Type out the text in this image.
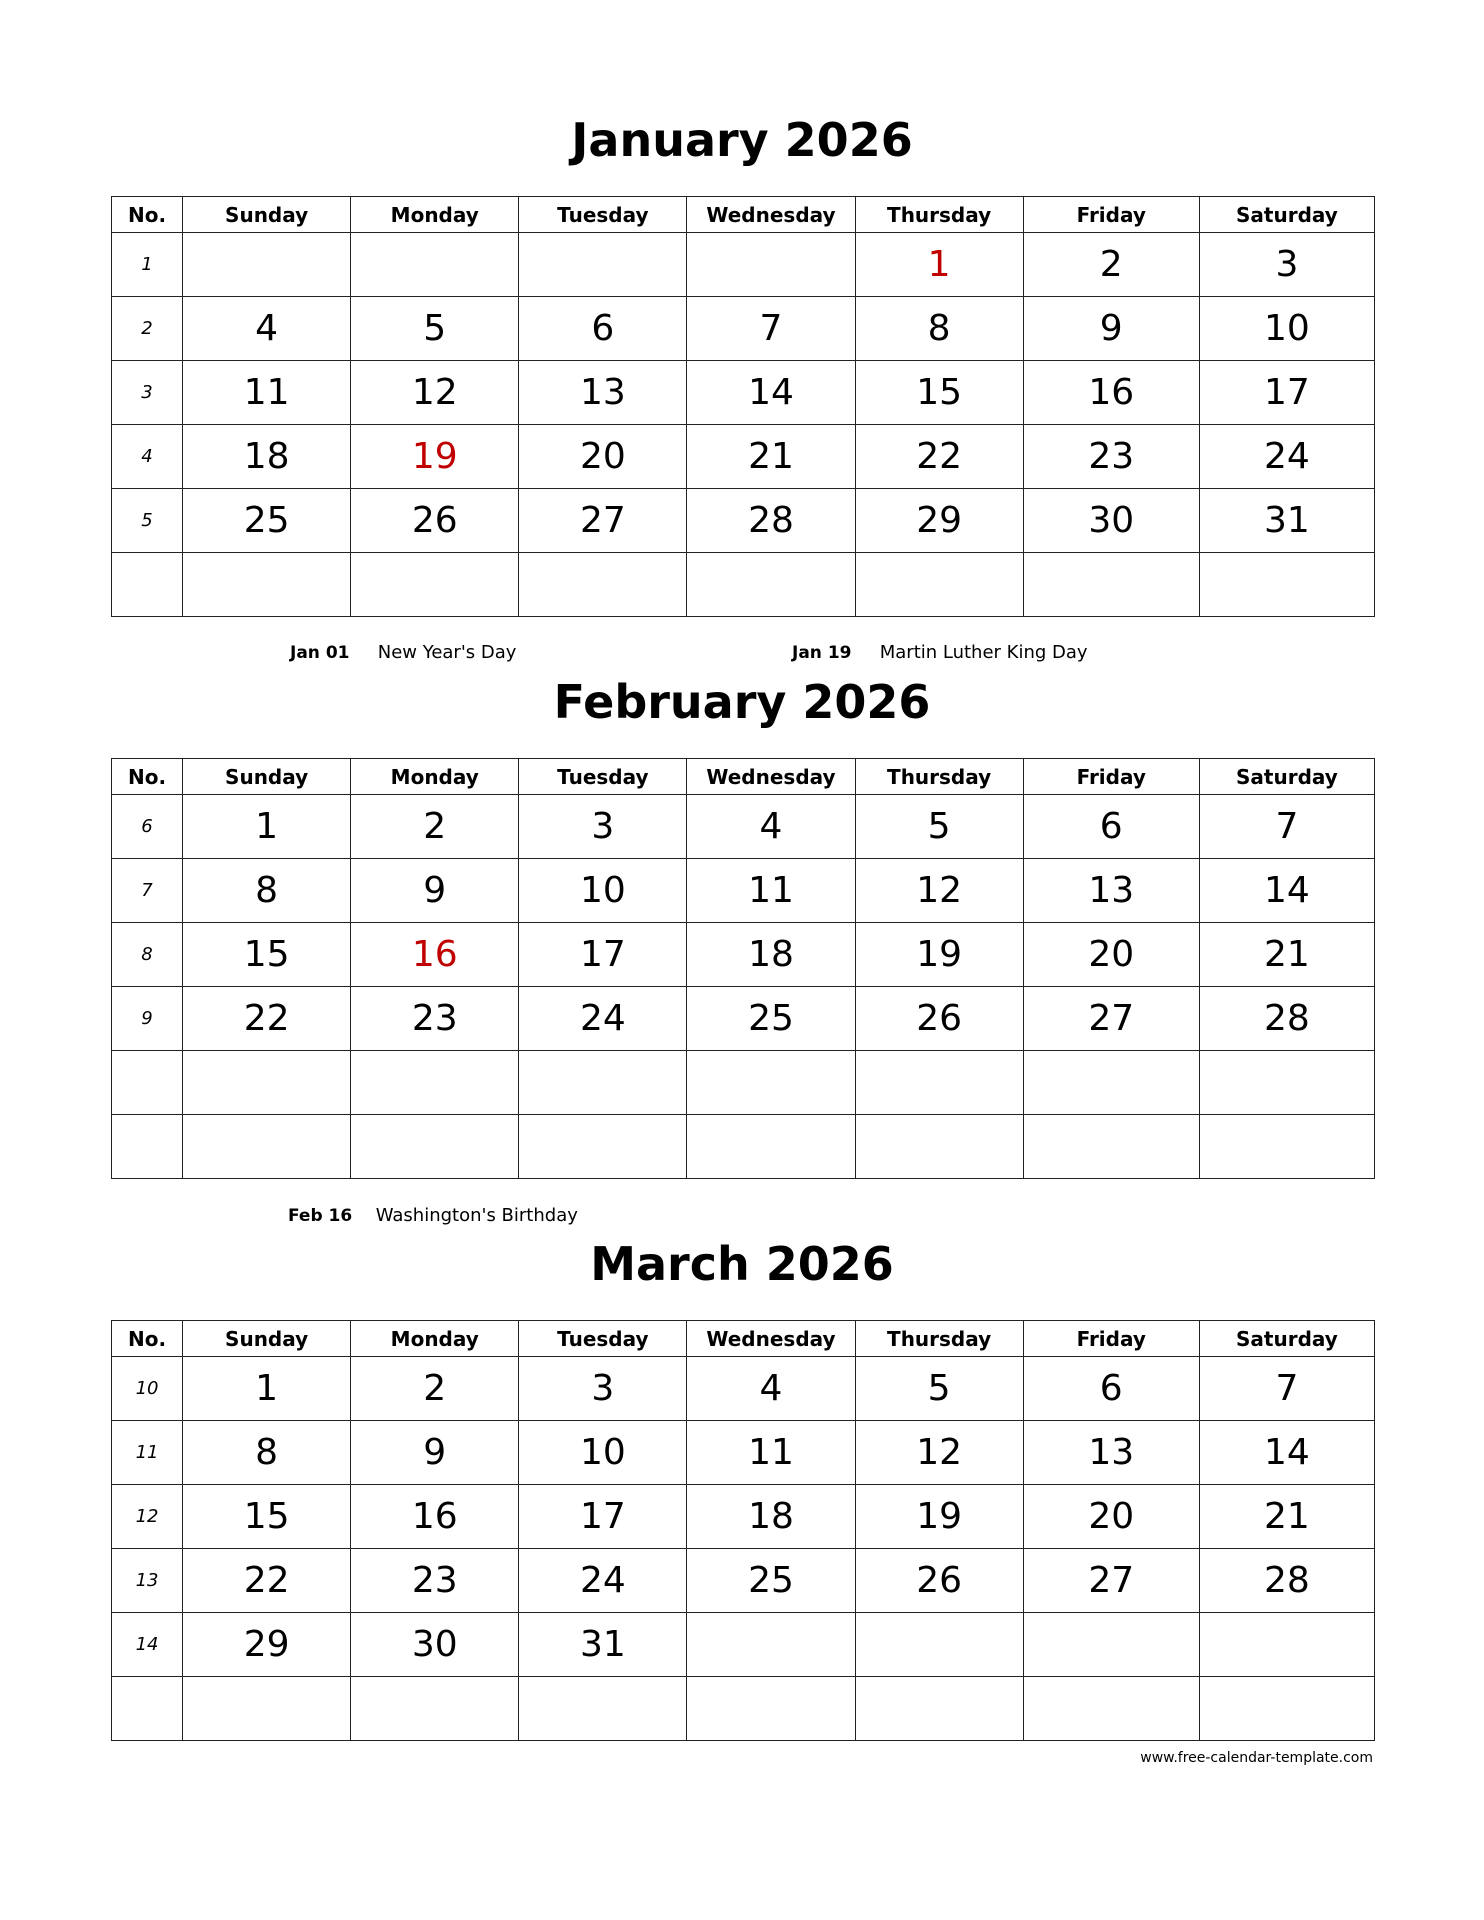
January 2026
No.	Sunday	Monday	Tuesday	Wednesday	Thursday	Friday	Saturday
1					1	2	3
2	4	5	6	7	8	9	10
3	11	12	13	14	15	16	17
4	18	19	20	21	22	23	24
5	25	26	27	28	29	30	31

Jan 01 New Year's Day	Jan 19 Martin Luther King Day
February 2026
No.	Sunday	Monday	Tuesday	Wednesday	Thursday	Friday	Saturday
6	1	2	3	4	5	6	7
7	8	9	10	11	12	13	14
8	15	16	17	18	19	20	21
9	22	23	24	25	26	27	28

Feb 16 Washington's Birthday
March 2026
No.	Sunday	Monday	Tuesday	Wednesday	Thursday	Friday	Saturday
10	1	2	3	4	5	6	7
11	8	9	10	11	12	13	14
12	15	16	17	18	19	20	21
13	22	23	24	25	26	27	28
14	29	30	31				

www.free-calendar-template.com
